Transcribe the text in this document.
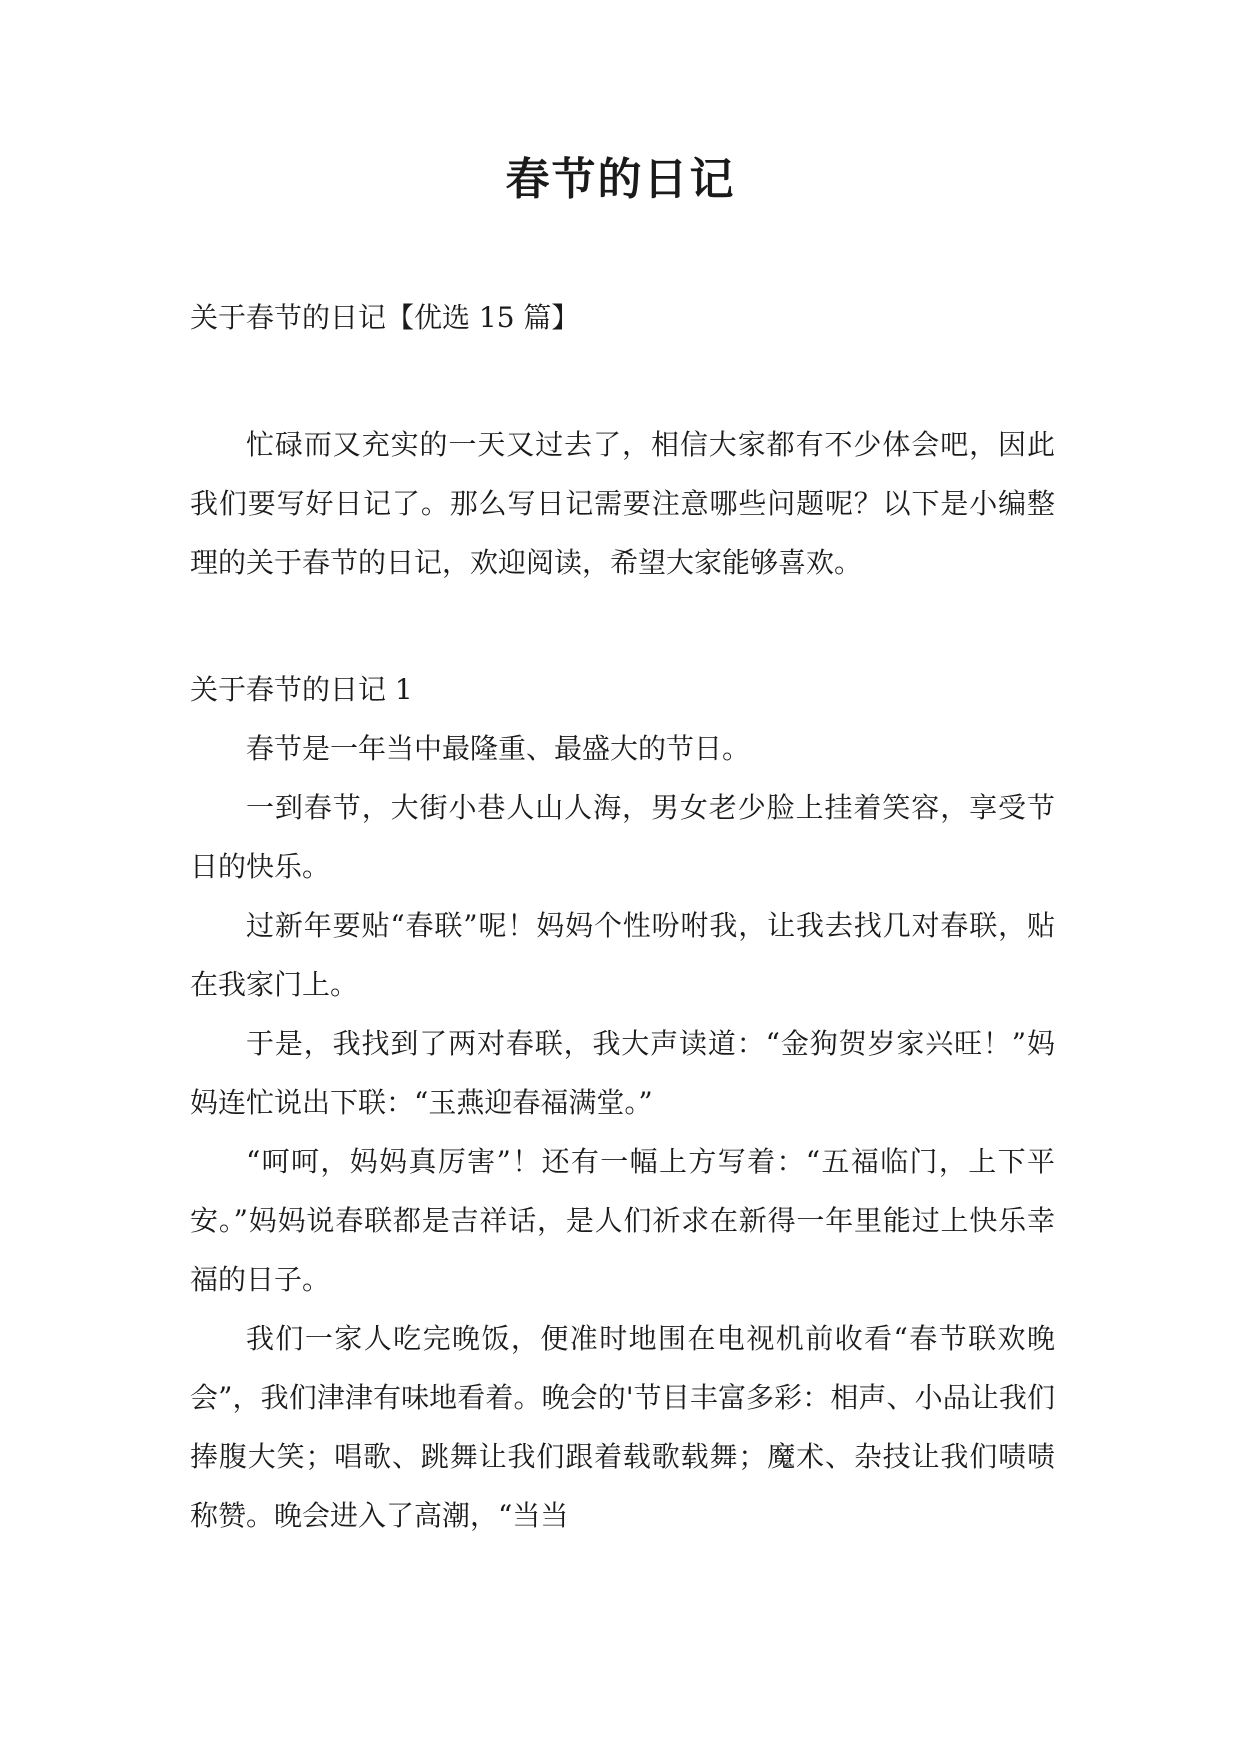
春节的日记

关于春节的日记【优选 15 篇】

忙碌而又充实的一天又过去了，相信大家都有不少体会吧，因此我们要写好日记了。那么写日记需要注意哪些问题呢？以下是小编整理的关于春节的日记，欢迎阅读，希望大家能够喜欢。

关于春节的日记 1

春节是一年当中最隆重、最盛大的节日。

一到春节，大街小巷人山人海，男女老少脸上挂着笑容，享受节日的快乐。

过新年要贴“春联”呢！妈妈个性吩咐我，让我去找几对春联，贴在我家门上。

于是，我找到了两对春联，我大声读道：“金狗贺岁家兴旺！”妈妈连忙说出下联：“玉燕迎春福满堂。”

“呵呵，妈妈真厉害”！还有一幅上方写着：“五福临门，上下平安。”妈妈说春联都是吉祥话，是人们祈求在新得一年里能过上快乐幸福的日子。

我们一家人吃完晚饭，便准时地围在电视机前收看“春节联欢晚会”，我们津津有味地看着。晚会的'节目丰富多彩：相声、小品让我们捧腹大笑；唱歌、跳舞让我们跟着载歌载舞；魔术、杂技让我们啧啧称赞。晚会进入了高潮，“当当
